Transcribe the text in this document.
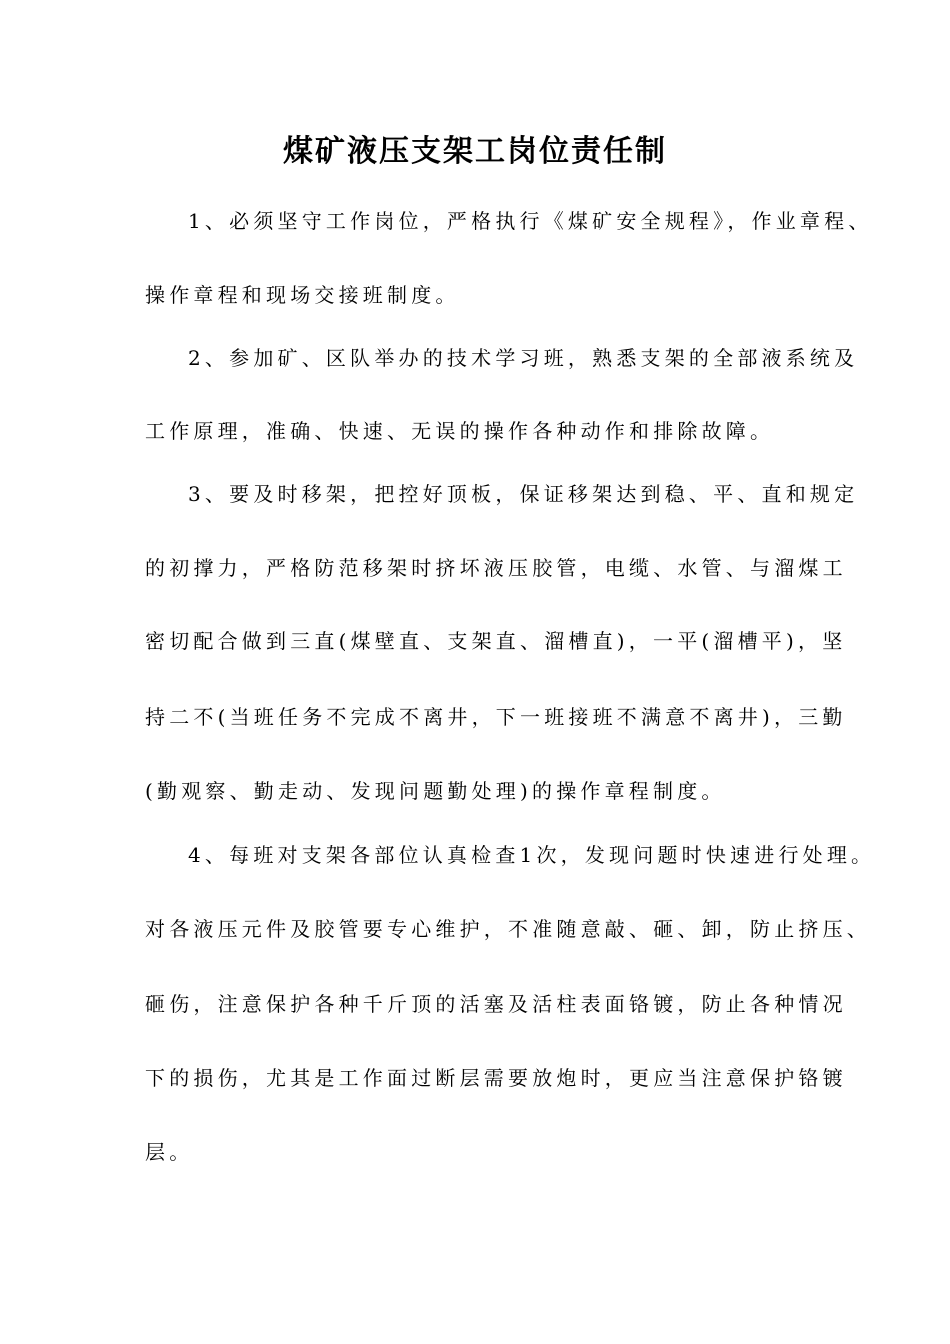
煤矿液压支架工岗位责任制
1、必须坚守工作岗位，严格执行《煤矿安全规程》，作业章程、
操作章程和现场交接班制度。
2、参加矿、区队举办的技术学习班，熟悉支架的全部液系统及
工作原理，准确、快速、无误的操作各种动作和排除故障。
3、要及时移架，把控好顶板，保证移架达到稳、平、直和规定
的初撑力，严格防范移架时挤坏液压胶管，电缆、水管、与溜煤工
密切配合做到三直(煤壁直、支架直、溜槽直)，一平(溜槽平)，坚
持二不(当班任务不完成不离井，下一班接班不满意不离井)，三勤
(勤观察、勤走动、发现问题勤处理)的操作章程制度。
4、每班对支架各部位认真检查1次，发现问题时快速进行处理。
对各液压元件及胶管要专心维护，不准随意敲、砸、卸，防止挤压、
砸伤，注意保护各种千斤顶的活塞及活柱表面铬镀，防止各种情况
下的损伤，尤其是工作面过断层需要放炮时，更应当注意保护铬镀
层。
